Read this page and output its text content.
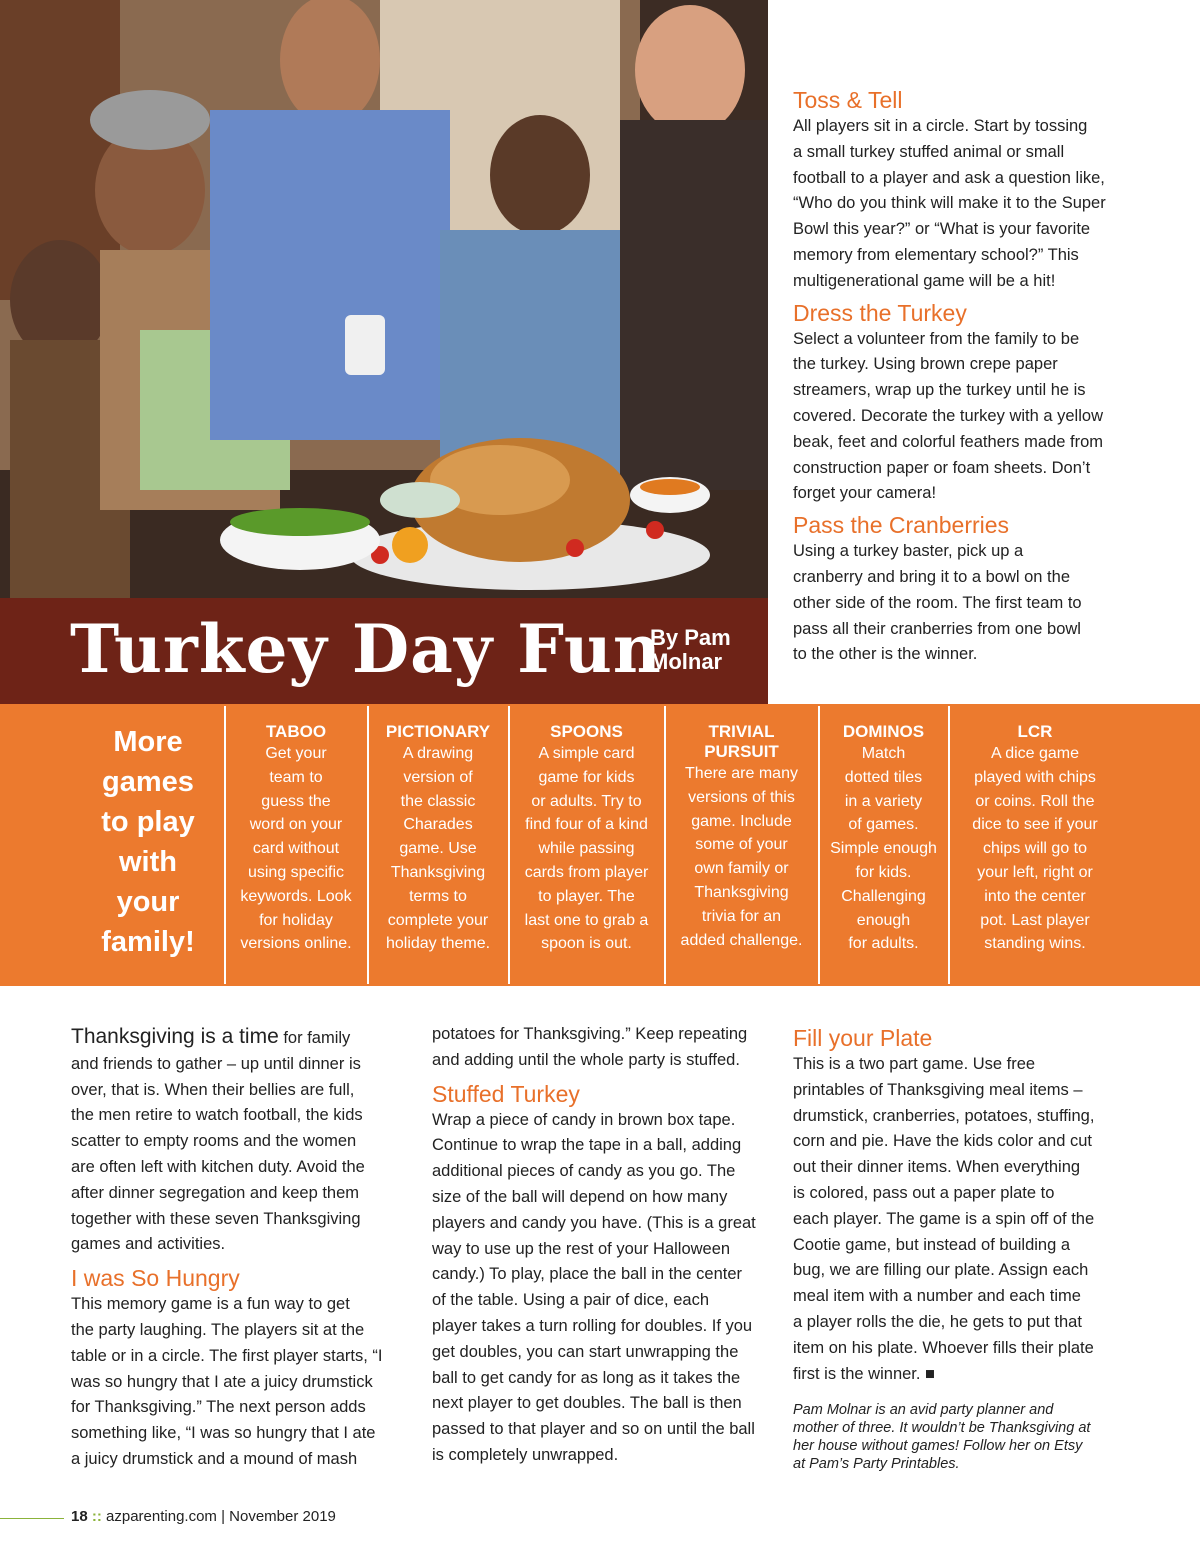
Turkey Day Fun
By Pam Molnar
Toss & Tell
All players sit in a circle. Start by tossing
a small turkey stuffed animal or small
football to a player and ask a question like,
“Who do you think will make it to the Super
Bowl this year?” or “What is your favorite
memory from elementary school?” This
multigenerational game will be a hit!
Dress the Turkey
Select a volunteer from the family to be
the turkey. Using brown crepe paper
streamers, wrap up the turkey until he is
covered. Decorate the turkey with a yellow
beak, feet and colorful feathers made from
construction paper or foam sheets. Don’t
forget your camera!
Pass the Cranberries
Using a turkey baster, pick up a
cranberry and bring it to a bowl on the
other side of the room. The first team to
pass all their cranberries from one bowl
to the other is the winner.
More
games
to play
with
your
family!
TABOO
Get your
team to
guess the
word on your
card without
using specific
keywords. Look
for holiday
versions online.
PICTIONARY
A drawing
version of
the classic
Charades
game. Use
Thanksgiving
terms to
complete your
holiday theme.
SPOONS
A simple card
game for kids
or adults. Try to
find four of a kind
while passing
cards from player
to player. The
last one to grab a
spoon is out.
TRIVIAL
PURSUIT
There are many
versions of this
game. Include
some of your
own family or
Thanksgiving
trivia for an
added challenge.
DOMINOS
Match
dotted tiles
in a variety
of games.
Simple enough
for kids.
Challenging
enough
for adults.
LCR
A dice game
played with chips
or coins. Roll the
dice to see if your
chips will go to
your left, right or
into the center
pot. Last player
standing wins.
Thanksgiving is a time for family
and friends to gather – up until dinner is
over, that is. When their bellies are full,
the men retire to watch football, the kids
scatter to empty rooms and the women
are often left with kitchen duty. Avoid the
after dinner segregation and keep them
together with these seven Thanksgiving
games and activities.
I was So Hungry
This memory game is a fun way to get
the party laughing. The players sit at the
table or in a circle. The first player starts, “I
was so hungry that I ate a juicy drumstick
for Thanksgiving.” The next person adds
something like, “I was so hungry that I ate
a juicy drumstick and a mound of mash
potatoes for Thanksgiving.” Keep repeating
and adding until the whole party is stuffed.
Stuffed Turkey
Wrap a piece of candy in brown box tape.
Continue to wrap the tape in a ball, adding
additional pieces of candy as you go. The
size of the ball will depend on how many
players and candy you have. (This is a great
way to use up the rest of your Halloween
candy.) To play, place the ball in the center
of the table. Using a pair of dice, each
player takes a turn rolling for doubles. If you
get doubles, you can start unwrapping the
ball to get candy for as long as it takes the
next player to get doubles. The ball is then
passed to that player and so on until the ball
is completely unwrapped.
Fill your Plate
This is a two part game. Use free
printables of Thanksgiving meal items –
drumstick, cranberries, potatoes, stuffing,
corn and pie. Have the kids color and cut
out their dinner items. When everything
is colored, pass out a paper plate to
each player. The game is a spin off of the
Cootie game, but instead of building a
bug, we are filling our plate. Assign each
meal item with a number and each time
a player rolls the die, he gets to put that
item on his plate. Whoever fills their plate
first is the winner. ■
Pam Molnar is an avid party planner and
mother of three. It wouldn’t be Thanksgiving at
her house without games! Follow her on Etsy
at Pam’s Party Printables.
18 :: azparenting.com | November 2019
